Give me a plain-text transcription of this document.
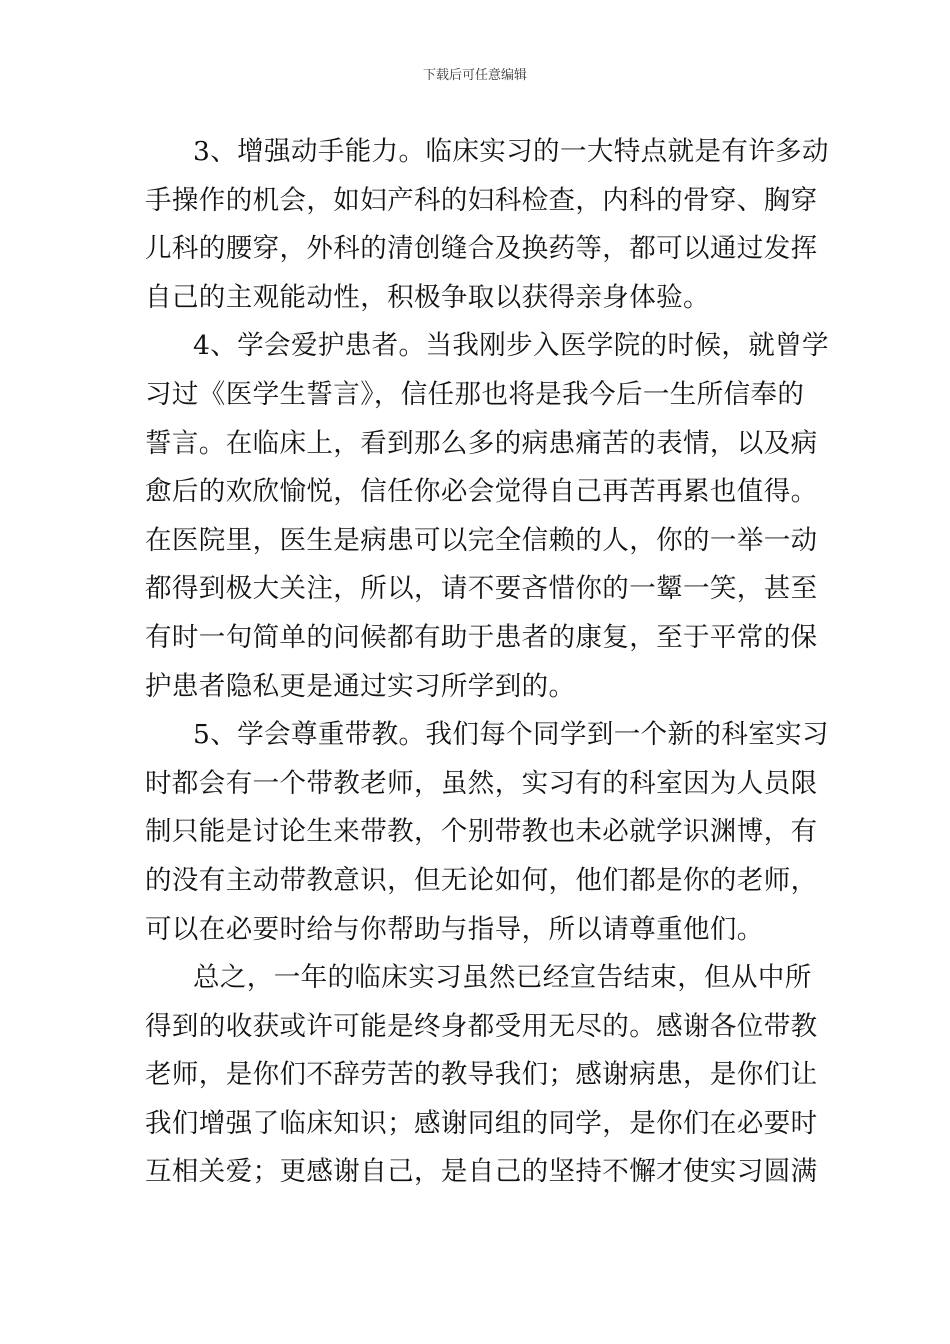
下载后可任意编辑
3、增强动手能力。临床实习的一大特点就是有许多动
手操作的机会，如妇产科的妇科检查，内科的骨穿、胸穿
儿科的腰穿，外科的清创缝合及换药等，都可以通过发挥
自己的主观能动性，积极争取以获得亲身体验。
4、学会爱护患者。当我刚步入医学院的时候，就曾学
习过《医学生誓言》，信任那也将是我今后一生所信奉的
誓言。在临床上，看到那么多的病患痛苦的表情，以及病
愈后的欢欣愉悦，信任你必会觉得自己再苦再累也值得。
在医院里，医生是病患可以完全信赖的人，你的一举一动
都得到极大关注，所以，请不要吝惜你的一颦一笑，甚至
有时一句简单的问候都有助于患者的康复，至于平常的保
护患者隐私更是通过实习所学到的。
5、学会尊重带教。我们每个同学到一个新的科室实习
时都会有一个带教老师，虽然，实习有的科室因为人员限
制只能是讨论生来带教，个别带教也未必就学识渊博，有
的没有主动带教意识，但无论如何，他们都是你的老师，
可以在必要时给与你帮助与指导，所以请尊重他们。
总之，一年的临床实习虽然已经宣告结束，但从中所
得到的收获或许可能是终身都受用无尽的。感谢各位带教
老师，是你们不辞劳苦的教导我们；感谢病患，是你们让
我们增强了临床知识；感谢同组的同学，是你们在必要时
互相关爱；更感谢自己，是自己的坚持不懈才使实习圆满
